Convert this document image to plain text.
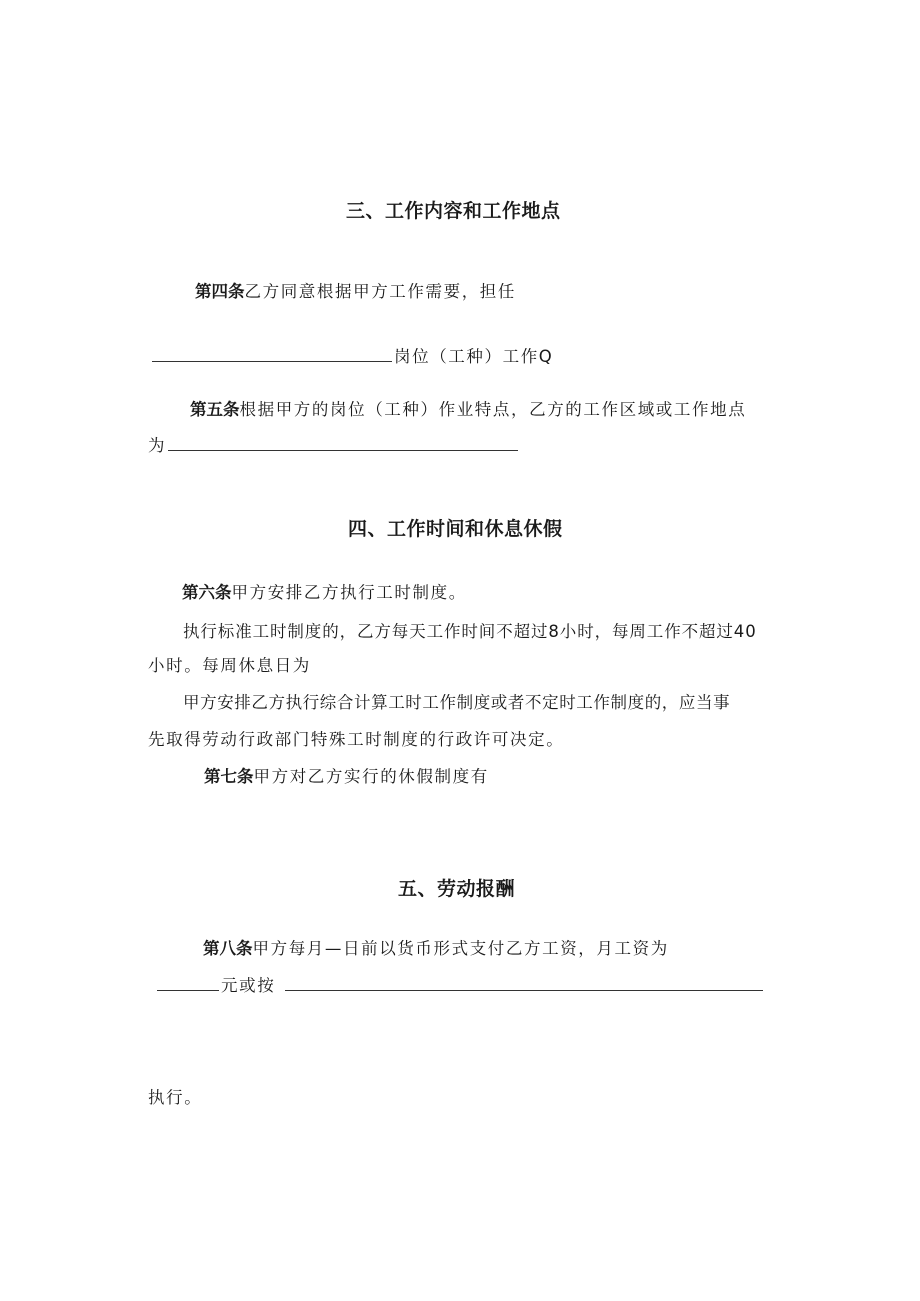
三、工作内容和工作地点
第四条乙方同意根据甲方工作需要，担任
岗位（工种）工作Q
第五条根据甲方的岗位（工种）作业特点，乙方的工作区域或工作地点
为
四、工作时间和休息休假
第六条甲方安排乙方执行工时制度。
执行标准工时制度的，乙方每天工作时间不超过8小时，每周工作不超过40
小时。每周休息日为
甲方安排乙方执行综合计算工时工作制度或者不定时工作制度的，应当事
先取得劳动行政部门特殊工时制度的行政许可决定。
第七条甲方对乙方实行的休假制度有
五、劳动报酬
第八条甲方每月—日前以货币形式支付乙方工资，月工资为
元或按
执行。
